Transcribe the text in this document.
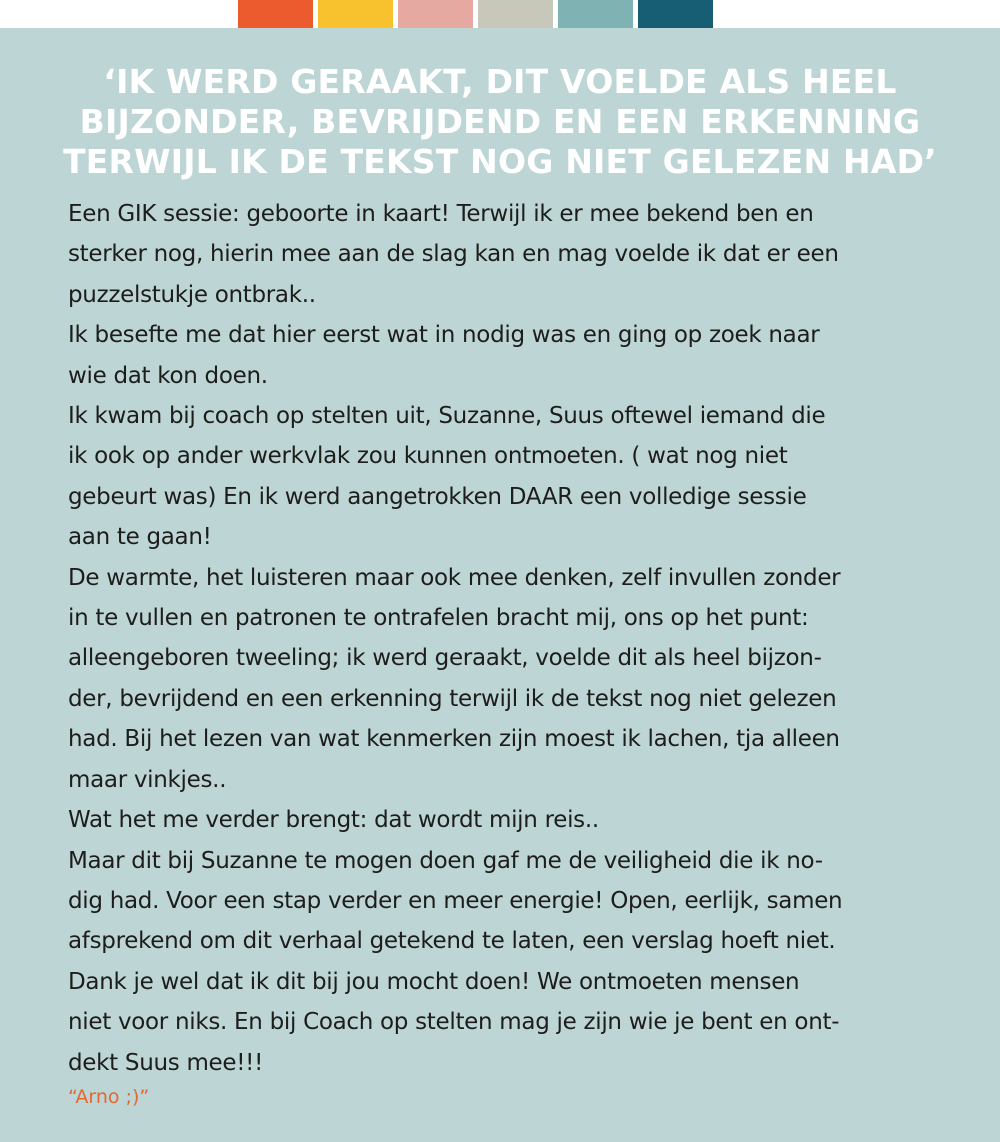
‘IK WERD GERAAKT, DIT VOELDE ALS HEEL
BIJZONDER, BEVRIJDEND EN EEN ERKENNING
TERWIJL IK DE TEKST NOG NIET GELEZEN HAD’

Een GIK sessie: geboorte in kaart! Terwijl ik er mee bekend ben en
sterker nog, hierin mee aan de slag kan en mag voelde ik dat er een
puzzelstukje ontbrak..
Ik besefte me dat hier eerst wat in nodig was en ging op zoek naar
wie dat kon doen.
Ik kwam bij coach op stelten uit, Suzanne, Suus oftewel iemand die
ik ook op ander werkvlak zou kunnen ontmoeten. ( wat nog niet
gebeurt was) En ik werd aangetrokken DAAR een volledige sessie
aan te gaan!
De warmte, het luisteren maar ook mee denken, zelf invullen zonder
in te vullen en patronen te ontrafelen bracht mij, ons op het punt:
alleengeboren tweeling; ik werd geraakt, voelde dit als heel bijzon-
der, bevrijdend en een erkenning terwijl ik de tekst nog niet gelezen
had. Bij het lezen van wat kenmerken zijn moest ik lachen, tja alleen
maar vinkjes..
Wat het me verder brengt: dat wordt mijn reis..
Maar dit bij Suzanne te mogen doen gaf me de veiligheid die ik no-
dig had. Voor een stap verder en meer energie! Open, eerlijk, samen
afsprekend om dit verhaal getekend te laten, een verslag hoeft niet.
Dank je wel dat ik dit bij jou mocht doen! We ontmoeten mensen
niet voor niks. En bij Coach op stelten mag je zijn wie je bent en ont-
dekt Suus mee!!!

“Arno ;)”
